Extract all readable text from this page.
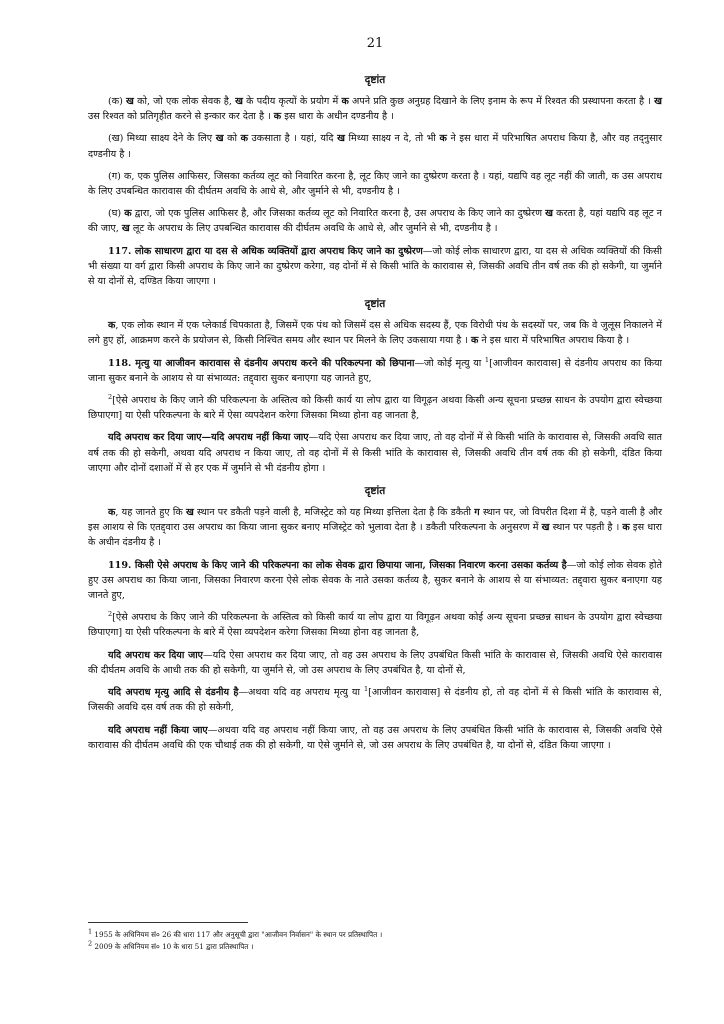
21
दृष्टांत

(क) ख को, जो एक लोक सेवक है, ख के पदीय कृत्यों के प्रयोग में क अपने प्रति कुछ अनुग्रह दिखाने के लिए इनाम के रूप में रिश्वत की प्रस्थापना करता है । ख उस रिश्वत को प्रतिगृहीत करने से इन्कार कर देता है । क इस धारा के अधीन दण्डनीय है ।

(ख) मिथ्या साक्ष्य देने के लिए ख को क उकसाता है । यहां, यदि ख मिथ्या साक्ष्य न दे, तो भी क ने इस धारा में परिभाषित अपराध किया है, और वह तद्नुसार दण्डनीय है ।

(ग) क, एक पुलिस आफिसर, जिसका कर्तव्य लूट को निवारित करना है, लूट किए जाने का दुष्प्रेरण करता है । यहां, यद्यपि वह लूट नहीं की जाती, क उस अपराध के लिए उपबन्धित कारावास की दीर्घतम अवधि के आधे से, और जुर्माने से भी, दण्डनीय है ।

(घ) क द्वारा, जो एक पुलिस आफिसर है, और जिसका कर्तव्य लूट को निवारित करना है, उस अपराध के किए जाने का दुष्प्रेरण ख करता है, यहां यद्यपि वह लूट न की जाए, ख लूट के अपराध के लिए उपबन्धित कारावास की दीर्घतम अवधि के आधे से, और जुर्माने से भी, दण्डनीय है ।

117. लोक साधारण द्वारा या दस से अधिक व्यक्तियों द्वारा अपराध किए जाने का दुष्प्रेरण—जो कोई लोक साधारण द्वारा, या दस से अधिक व्यक्तियों की किसी भी संख्या या वर्ग द्वारा किसी अपराध के किए जाने का दुष्प्रेरण करेगा, वह दोनों में से किसी भांति के कारावास से, जिसकी अवधि तीन वर्ष तक की हो सकेगी, या जुर्माने से या दोनों से, दण्डित किया जाएगा ।

दृष्टांत

क, एक लोक स्थान में एक प्लेकार्ड चिपकाता है, जिसमें एक पंथ को जिसमें दस से अधिक सदस्य हैं, एक विरोधी पंथ के सदस्यों पर, जब कि वे जुलूस निकालने में लगे हुए हों, आक्रमण करने के प्रयोजन से, किसी निश्चित समय और स्थान पर मिलने के लिए उकसाया गया है । क ने इस धारा में परिभाषित अपराध किया है ।

118. मृत्यु या आजीवन कारावास से दंडनीय अपराध करने की परिकल्पना को छिपाना—जो कोई मृत्यु या $^1$[आजीवन कारावास] से दंडनीय अपराध का किया जाना सुकर बनाने के आशय से या संभाव्यत: तद्द्वारा सुकर बनाएगा यह जानते हुए,

$^2$[ऐसे अपराध के किए जाने की परिकल्पना के अस्तित्व को किसी कार्य या लोप द्वारा या विगूढ़न अथवा किसी अन्य सूचना प्रच्छन्न साधन के उपयोग द्वारा स्वेच्छया छिपाएगा] या ऐसी परिकल्पना के बारे में ऐसा व्यपदेशन करेगा जिसका मिथ्या होना वह जानता है,

यदि अपराध कर दिया जाए—यदि अपराध नहीं किया जाए—यदि ऐसा अपराध कर दिया जाए, तो वह दोनों में से किसी भांति के कारावास से, जिसकी अवधि सात वर्ष तक की हो सकेगी, अथवा यदि अपराध न किया जाए, तो वह दोनों में से किसी भांति के कारावास से, जिसकी अवधि तीन वर्ष तक की हो सकेगी, दंडित किया जाएगा और दोनों दशाओं में से हर एक में जुर्माने से भी दंडनीय होगा ।

दृष्टांत

क, यह जानते हुए कि ख स्थान पर डकैती पड़ने वाली है, मजिस्ट्रेट को यह मिथ्या इत्तिला देता है कि डकैती ग स्थान पर, जो विपरीत दिशा में है, पड़ने वाली है और इस आशय से कि एतद्द्वारा उस अपराध का किया जाना सुकर बनाए मजिस्ट्रेट को भुलावा देता है । डकैती परिकल्पना के अनुसरण में ख स्थान पर पड़ती है । क इस धारा के अधीन दंडनीय है ।

119. किसी ऐसे अपराध के किए जाने की परिकल्पना का लोक सेवक द्वारा छिपाया जाना, जिसका निवारण करना उसका कर्तव्य है—जो कोई लोक सेवक होते हुए उस अपराध का किया जाना, जिसका निवारण करना ऐसे लोक सेवक के नाते उसका कर्तव्य है, सुकर बनाने के आशय से या संभाव्यत: तद्द्वारा सुकर बनाएगा यह जानते हुए,

$^2$[ऐसे अपराध के किए जाने की परिकल्पना के अस्तित्व को किसी कार्य या लोप द्वारा या विगूढ़न अथवा कोई अन्य सूचना प्रच्छन्न साधन के उपयोग द्वारा स्वेच्छया छिपाएगा] या ऐसी परिकल्पना के बारे में ऐसा व्यपदेशन करेगा जिसका मिथ्या होना वह जानता है,

यदि अपराध कर दिया जाए—यदि ऐसा अपराध कर दिया जाए, तो वह उस अपराध के लिए उपबंधित किसी भांति के कारावास से, जिसकी अवधि ऐसे कारावास की दीर्घतम अवधि के आधी तक की हो सकेगी, या जुर्माने से, जो उस अपराध के लिए उपबंधित है, या दोनों से,

यदि अपराध मृत्यु आदि से दंडनीय है—अथवा यदि वह अपराध मृत्यु या $^1$[आजीवन कारावास] से दंडनीय हो, तो वह दोनों में से किसी भांति के कारावास से, जिसकी अवधि दस वर्ष तक की हो सकेगी,

यदि अपराध नहीं किया जाए—अथवा यदि वह अपराध नहीं किया जाए, तो वह उस अपराध के लिए उपबंधित किसी भांति के कारावास से, जिसकी अवधि ऐसे कारावास की दीर्घतम अवधि की एक चौथाई तक की हो सकेगी, या ऐसे जुर्माने से, जो उस अपराध के लिए उपबंधित है, या दोनों से, दंडित किया जाएगा ।

$^1$ 1955 के अधिनियम सं० 26 की धारा 117 और अनुसूची द्वारा "आजीवन निर्वासन" के स्थान पर प्रतिस्थापित ।

$^2$ 2009 के अधिनियम सं० 10 के धारा 51 द्वारा प्रतिस्थापित ।
